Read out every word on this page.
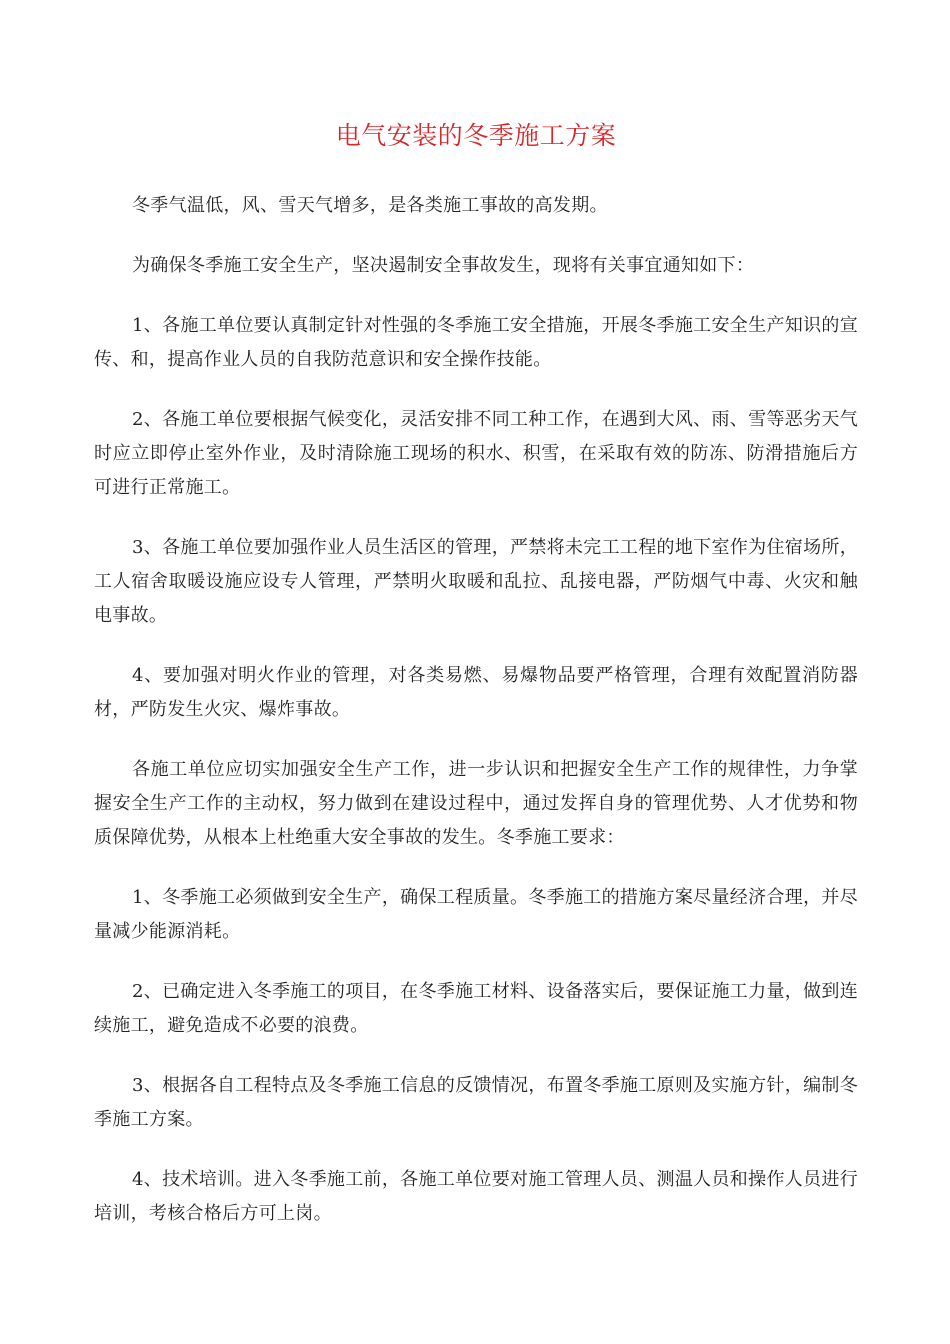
电气安装的冬季施工方案

冬季气温低，风、雪天气增多，是各类施工事故的高发期。

为确保冬季施工安全生产，坚决遏制安全事故发生，现将有关事宜通知如下：

1、各施工单位要认真制定针对性强的冬季施工安全措施，开展冬季施工安全生产知识的宣传、和，提高作业人员的自我防范意识和安全操作技能。

2、各施工单位要根据气候变化，灵活安排不同工种工作，在遇到大风、雨、雪等恶劣天气时应立即停止室外作业，及时清除施工现场的积水、积雪，在采取有效的防冻、防滑措施后方可进行正常施工。

3、各施工单位要加强作业人员生活区的管理，严禁将未完工工程的地下室作为住宿场所，工人宿舍取暖设施应设专人管理，严禁明火取暖和乱拉、乱接电器，严防烟气中毒、火灾和触电事故。

4、要加强对明火作业的管理，对各类易燃、易爆物品要严格管理，合理有效配置消防器材，严防发生火灾、爆炸事故。

各施工单位应切实加强安全生产工作，进一步认识和把握安全生产工作的规律性，力争掌握安全生产工作的主动权，努力做到在建设过程中，通过发挥自身的管理优势、人才优势和物质保障优势，从根本上杜绝重大安全事故的发生。冬季施工要求：

1、冬季施工必须做到安全生产，确保工程质量。冬季施工的措施方案尽量经济合理，并尽量减少能源消耗。

2、已确定进入冬季施工的项目，在冬季施工材料、设备落实后，要保证施工力量，做到连续施工，避免造成不必要的浪费。

3、根据各自工程特点及冬季施工信息的反馈情况，布置冬季施工原则及实施方针，编制冬季施工方案。

4、技术培训。进入冬季施工前，各施工单位要对施工管理人员、测温人员和操作人员进行培训，考核合格后方可上岗。
